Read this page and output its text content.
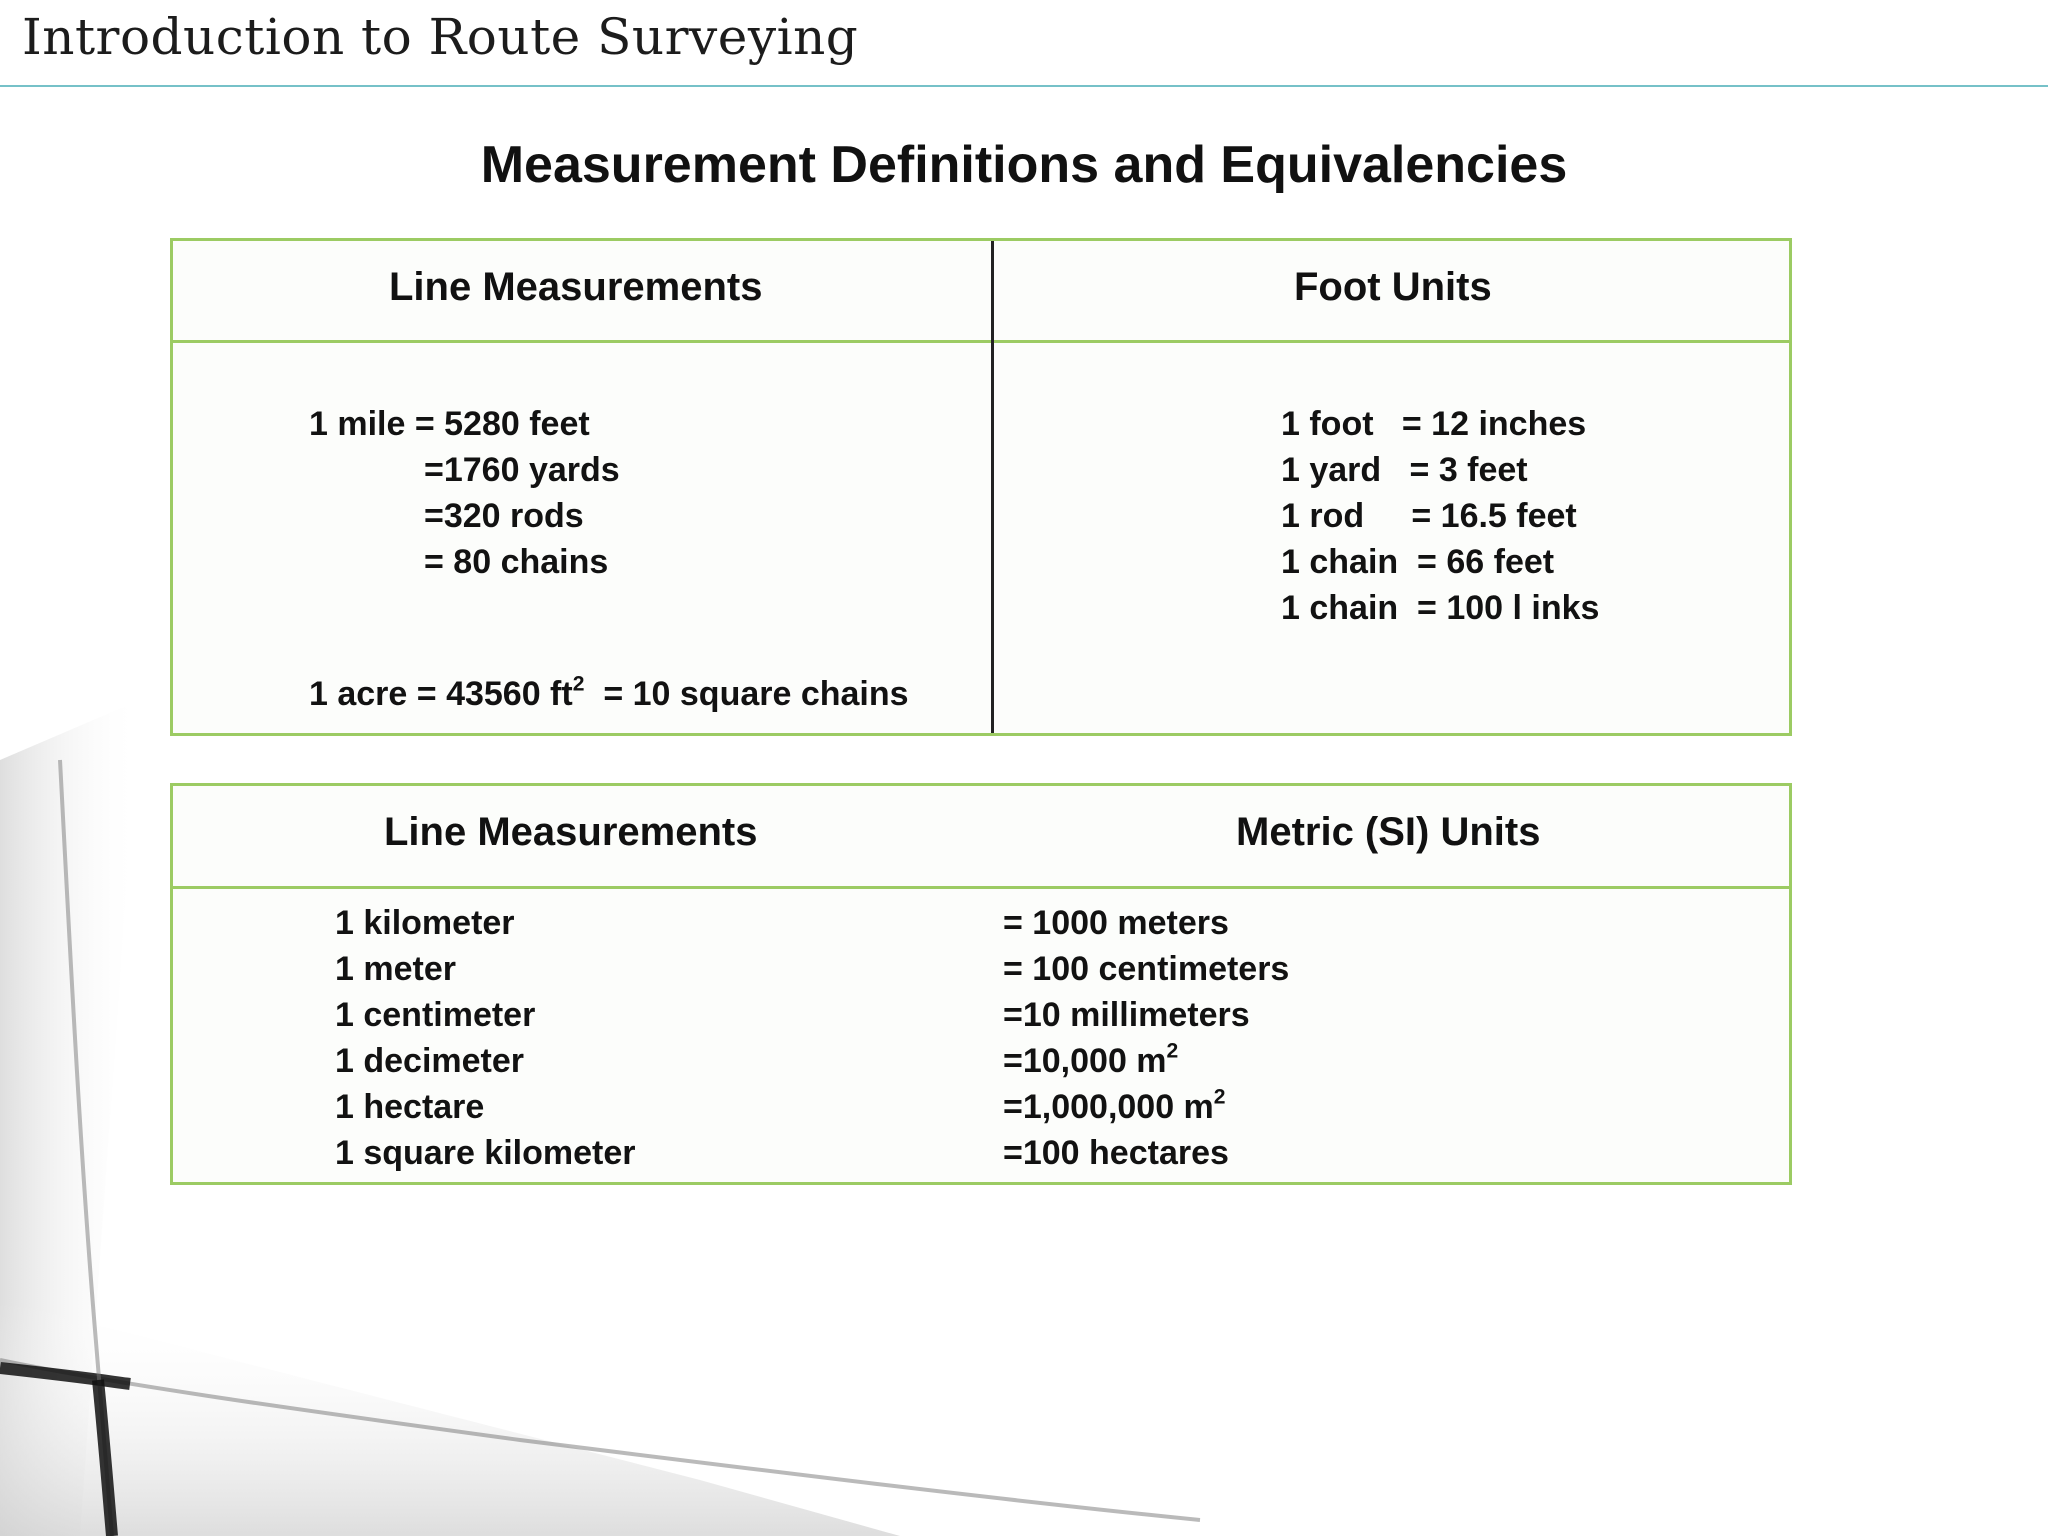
Introduction to Route Surveying
Measurement Definitions and Equivalencies
Line Measurements	Foot Units
1 mile = 5280 feet
=1760 yards
=320 rods
= 80 chains
1 acre = 43560 $ft^2 = 10$ square chains
1 foot   = 12 inches
1 yard   = 3 feet
1 rod     = 16.5 feet
1 chain  = 66 feet
1 chain  = 100 l inks
Line Measurements	Metric (SI) Units
1 kilometer
1 meter
1 centimeter
1 decimeter
1 hectare
1 square kilometer
= 1000 meters
= 100 centimeters
=10 millimeters
=10,000 $m^2$
=1,000,000 $m^2$
=100 hectares
